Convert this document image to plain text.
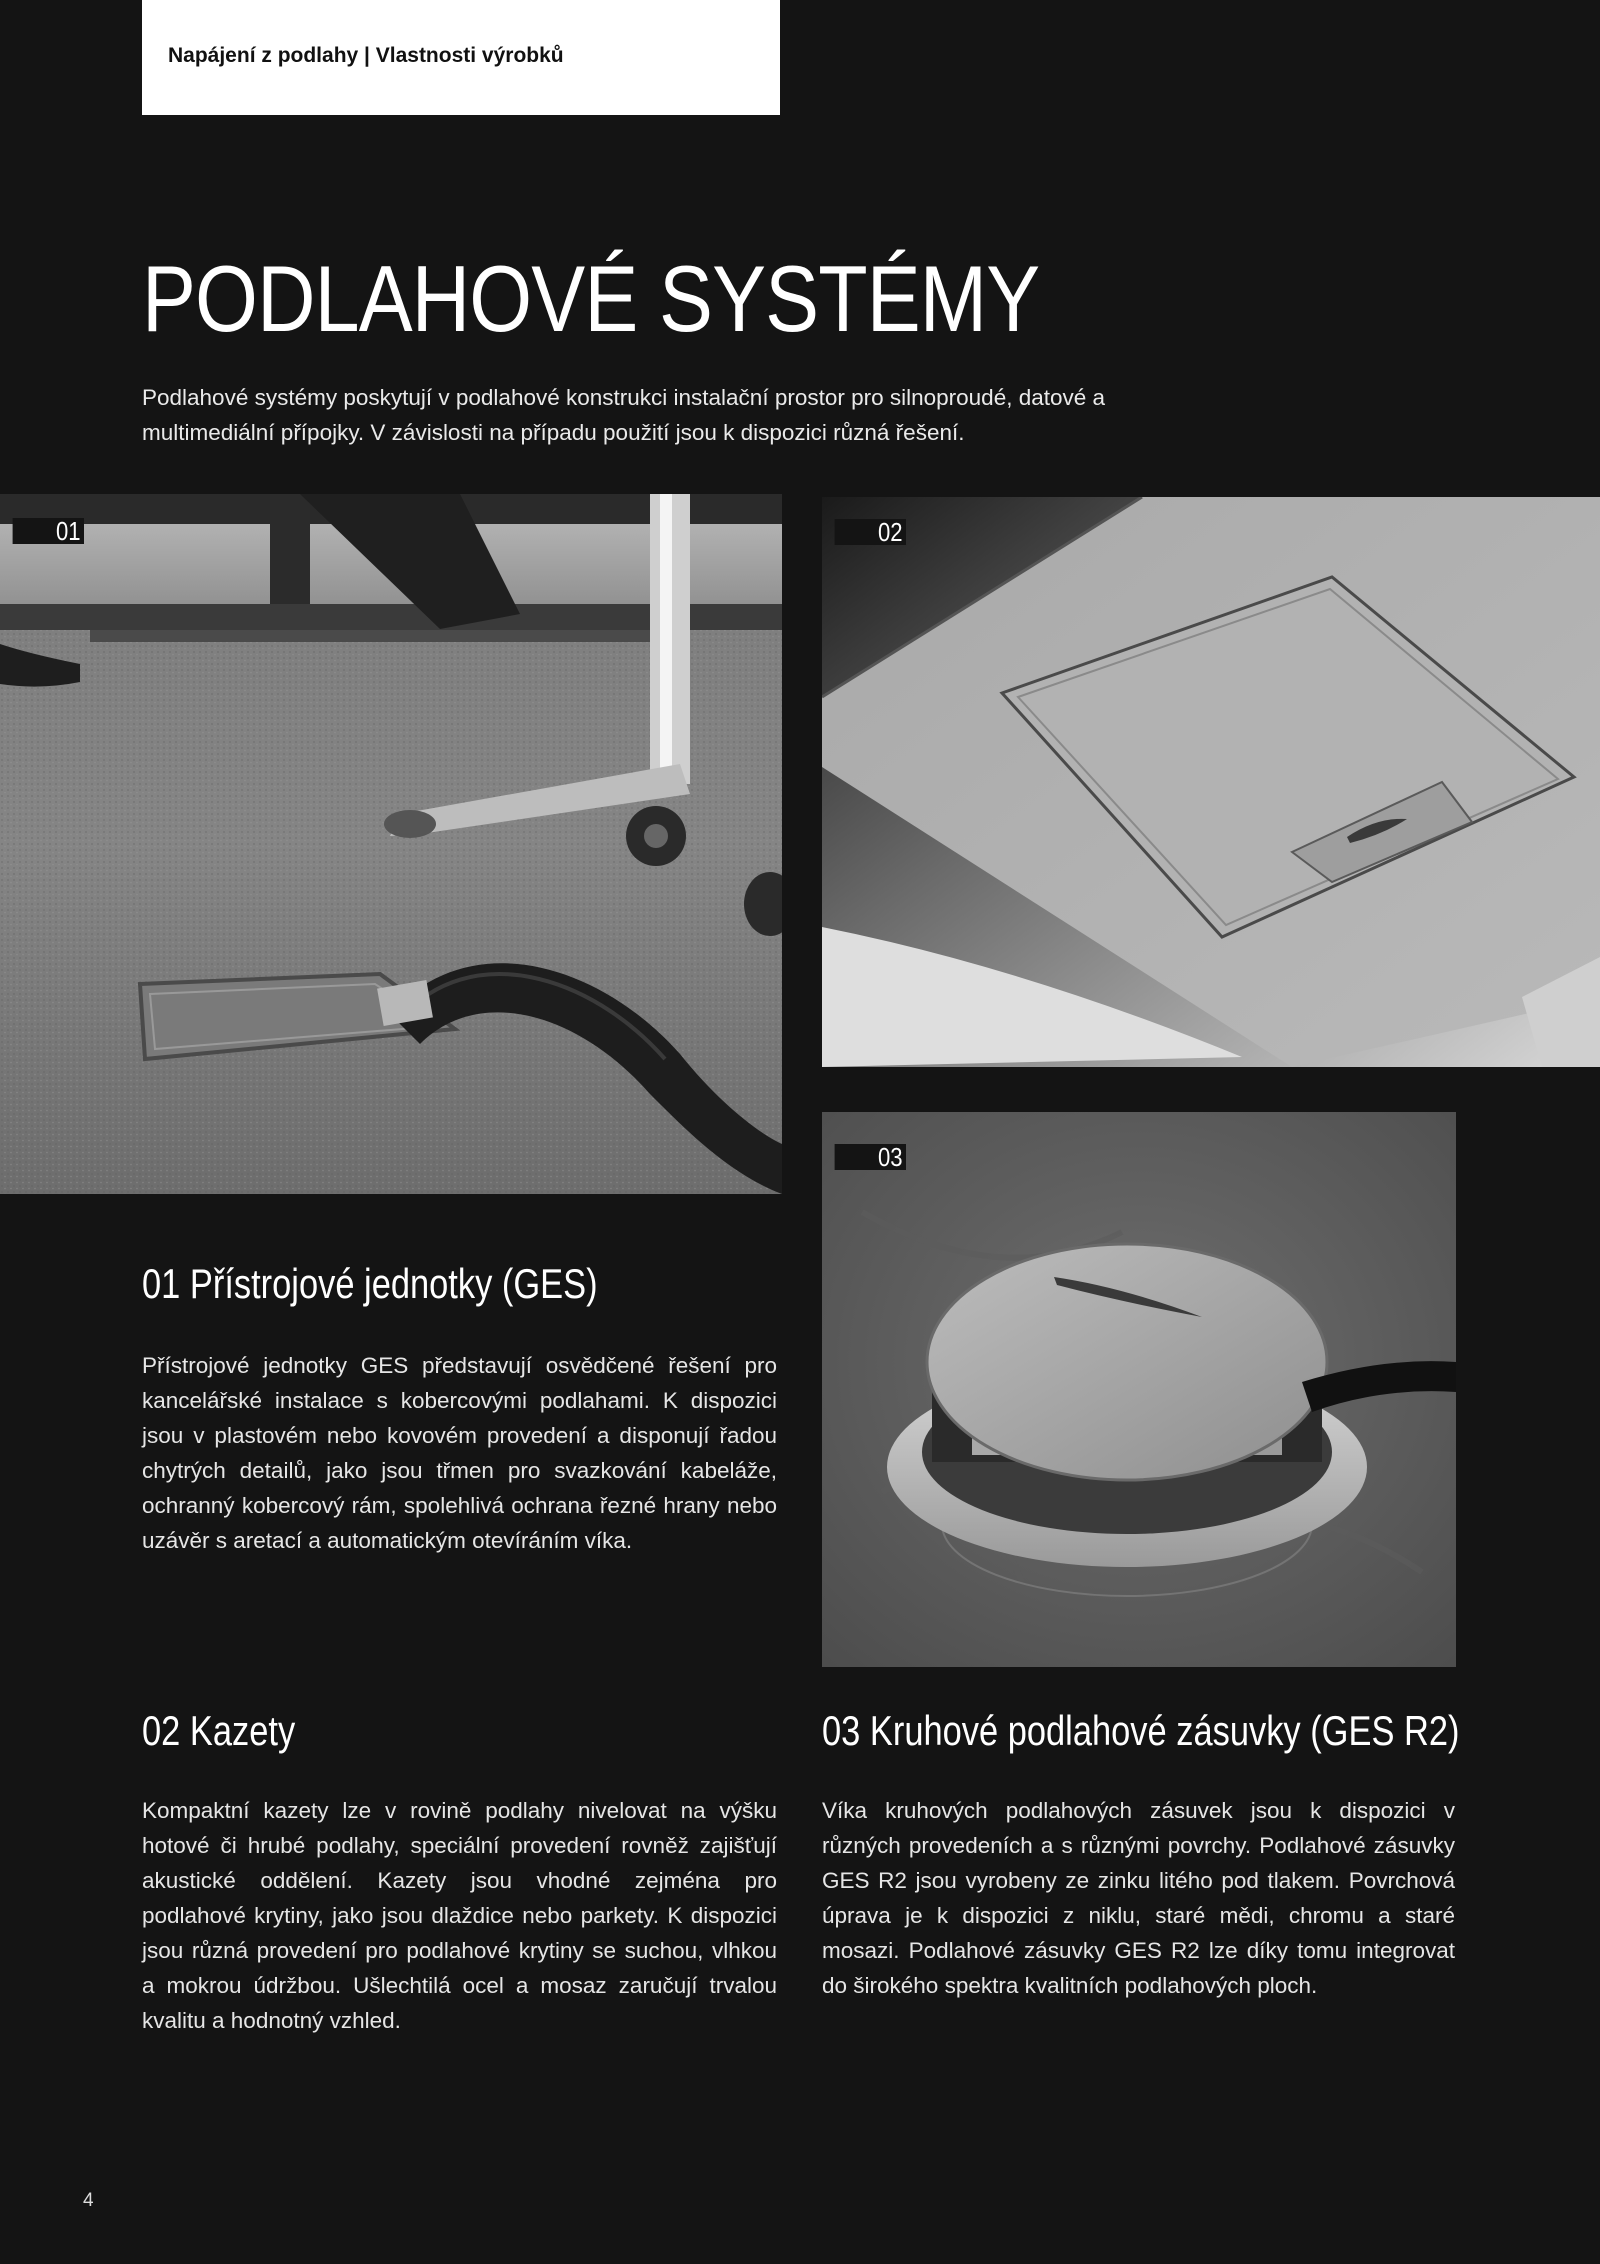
Napájení z podlahy | Vlastnosti výrobků
PODLAHOVÉ SYSTÉMY

Podlahové systémy poskytují v podlahové konstrukci instalační prostor pro silnoproudé, datové a multimediální přípojky. V závislosti na případu použití jsou k dispozici různá řešení.

01	02
03
01 Přístrojové jednotky (GES)

Přístrojové jednotky GES představují osvědčené řešení pro kancelářské instalace s kobercovými podlahami. K dispozici jsou v plastovém nebo kovovém provedení a disponují řadou chytrých detailů, jako jsou třmen pro svazkování kabeláže, ochranný kobercový rám, spolehlivá ochrana řezné hrany nebo uzávěr s aretací a automatickým otevíráním víka.

02 Kazety

Kompaktní kazety lze v rovině podlahy nivelovat na výšku hotové či hrubé podlahy, speciální provedení rovněž zajišťují akustické oddělení. Kazety jsou vhodné zejména pro podlahové krytiny, jako jsou dlaždice nebo parkety. K dispozici jsou různá provedení pro podlahové krytiny se suchou, vlhkou a mokrou údržbou. Ušlechtilá ocel a mosaz zaručují trvalou kvalitu a hodnotný vzhled.

03 Kruhové podlahové zásuvky (GES R2)

Víka kruhových podlahových zásuvek jsou k dispozici v různých provedeních a s různými povrchy. Podlahové zásuvky GES R2 jsou vyrobeny ze zinku litého pod tlakem. Povrchová úprava je k dispozici z niklu, staré mědi, chromu a staré mosazi. Podlahové zásuvky GES R2 lze díky tomu integrovat do širokého spektra kvalitních podlahových ploch.

4
